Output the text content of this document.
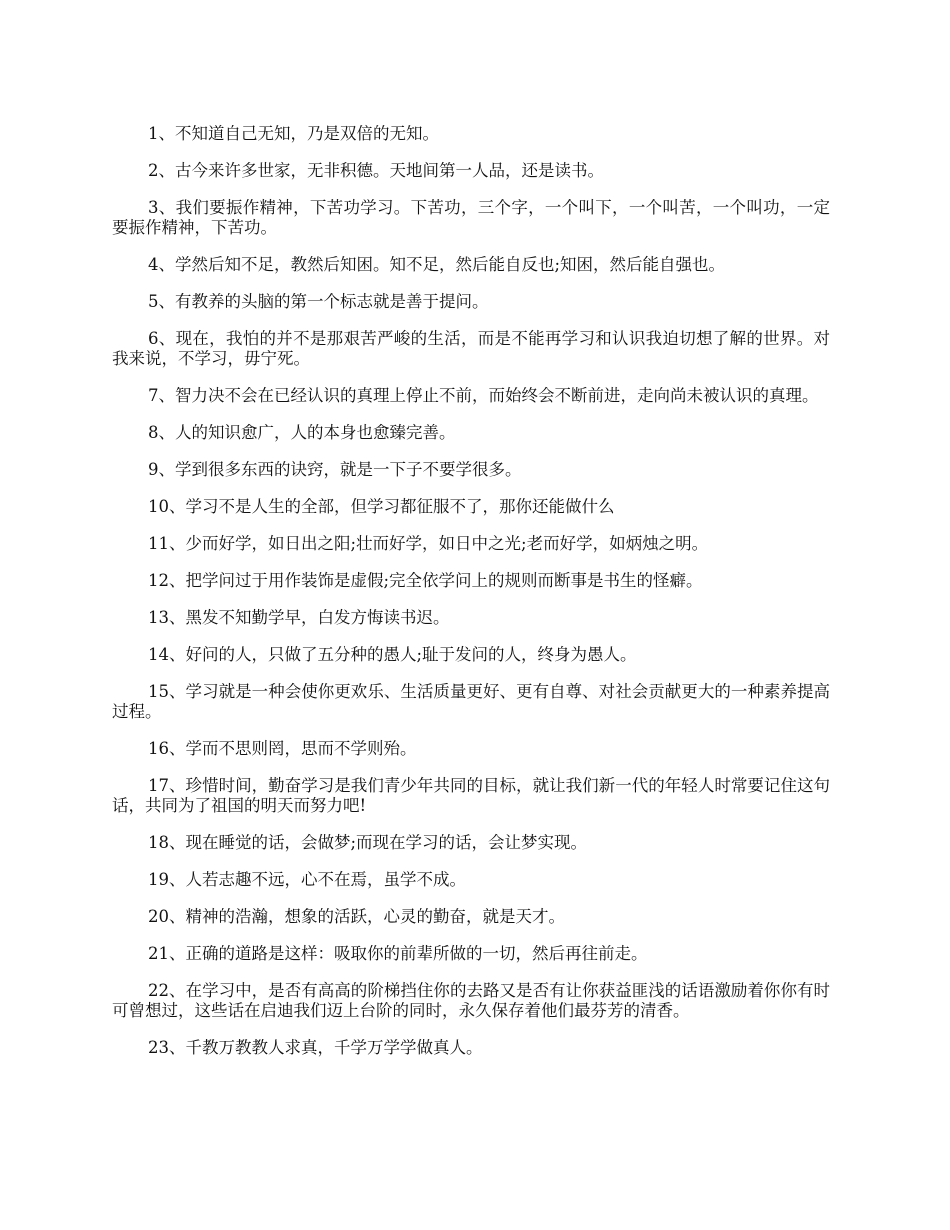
1、不知道自己无知，乃是双倍的无知。

2、古今来许多世家，无非积德。天地间第一人品，还是读书。

3、我们要振作精神，下苦功学习。下苦功，三个字，一个叫下，一个叫苦，一个叫功，一定要振作精神，下苦功。

4、学然后知不足，教然后知困。知不足，然后能自反也;知困，然后能自强也。

5、有教养的头脑的第一个标志就是善于提问。

6、现在，我怕的并不是那艰苦严峻的生活，而是不能再学习和认识我迫切想了解的世界。对我来说，不学习，毋宁死。

7、智力决不会在已经认识的真理上停止不前，而始终会不断前进，走向尚未被认识的真理。

8、人的知识愈广，人的本身也愈臻完善。

9、学到很多东西的诀窍，就是一下子不要学很多。

10、学习不是人生的全部，但学习都征服不了，那你还能做什么

11、少而好学，如日出之阳;壮而好学，如日中之光;老而好学，如炳烛之明。

12、把学问过于用作装饰是虚假;完全依学问上的规则而断事是书生的怪癖。

13、黑发不知勤学早，白发方悔读书迟。

14、好问的人，只做了五分种的愚人;耻于发问的人，终身为愚人。

15、学习就是一种会使你更欢乐、生活质量更好、更有自尊、对社会贡献更大的一种素养提高过程。

16、学而不思则罔，思而不学则殆。

17、珍惜时间，勤奋学习是我们青少年共同的目标，就让我们新一代的年轻人时常要记住这句话，共同为了祖国的明天而努力吧!

18、现在睡觉的话，会做梦;而现在学习的话，会让梦实现。

19、人若志趣不远，心不在焉，虽学不成。

20、精神的浩瀚，想象的活跃，心灵的勤奋，就是天才。

21、正确的道路是这样：吸取你的前辈所做的一切，然后再往前走。

22、在学习中，是否有高高的阶梯挡住你的去路又是否有让你获益匪浅的话语激励着你你有时可曾想过，这些话在启迪我们迈上台阶的同时，永久保存着他们最芬芳的清香。

23、千教万教教人求真，千学万学学做真人。
